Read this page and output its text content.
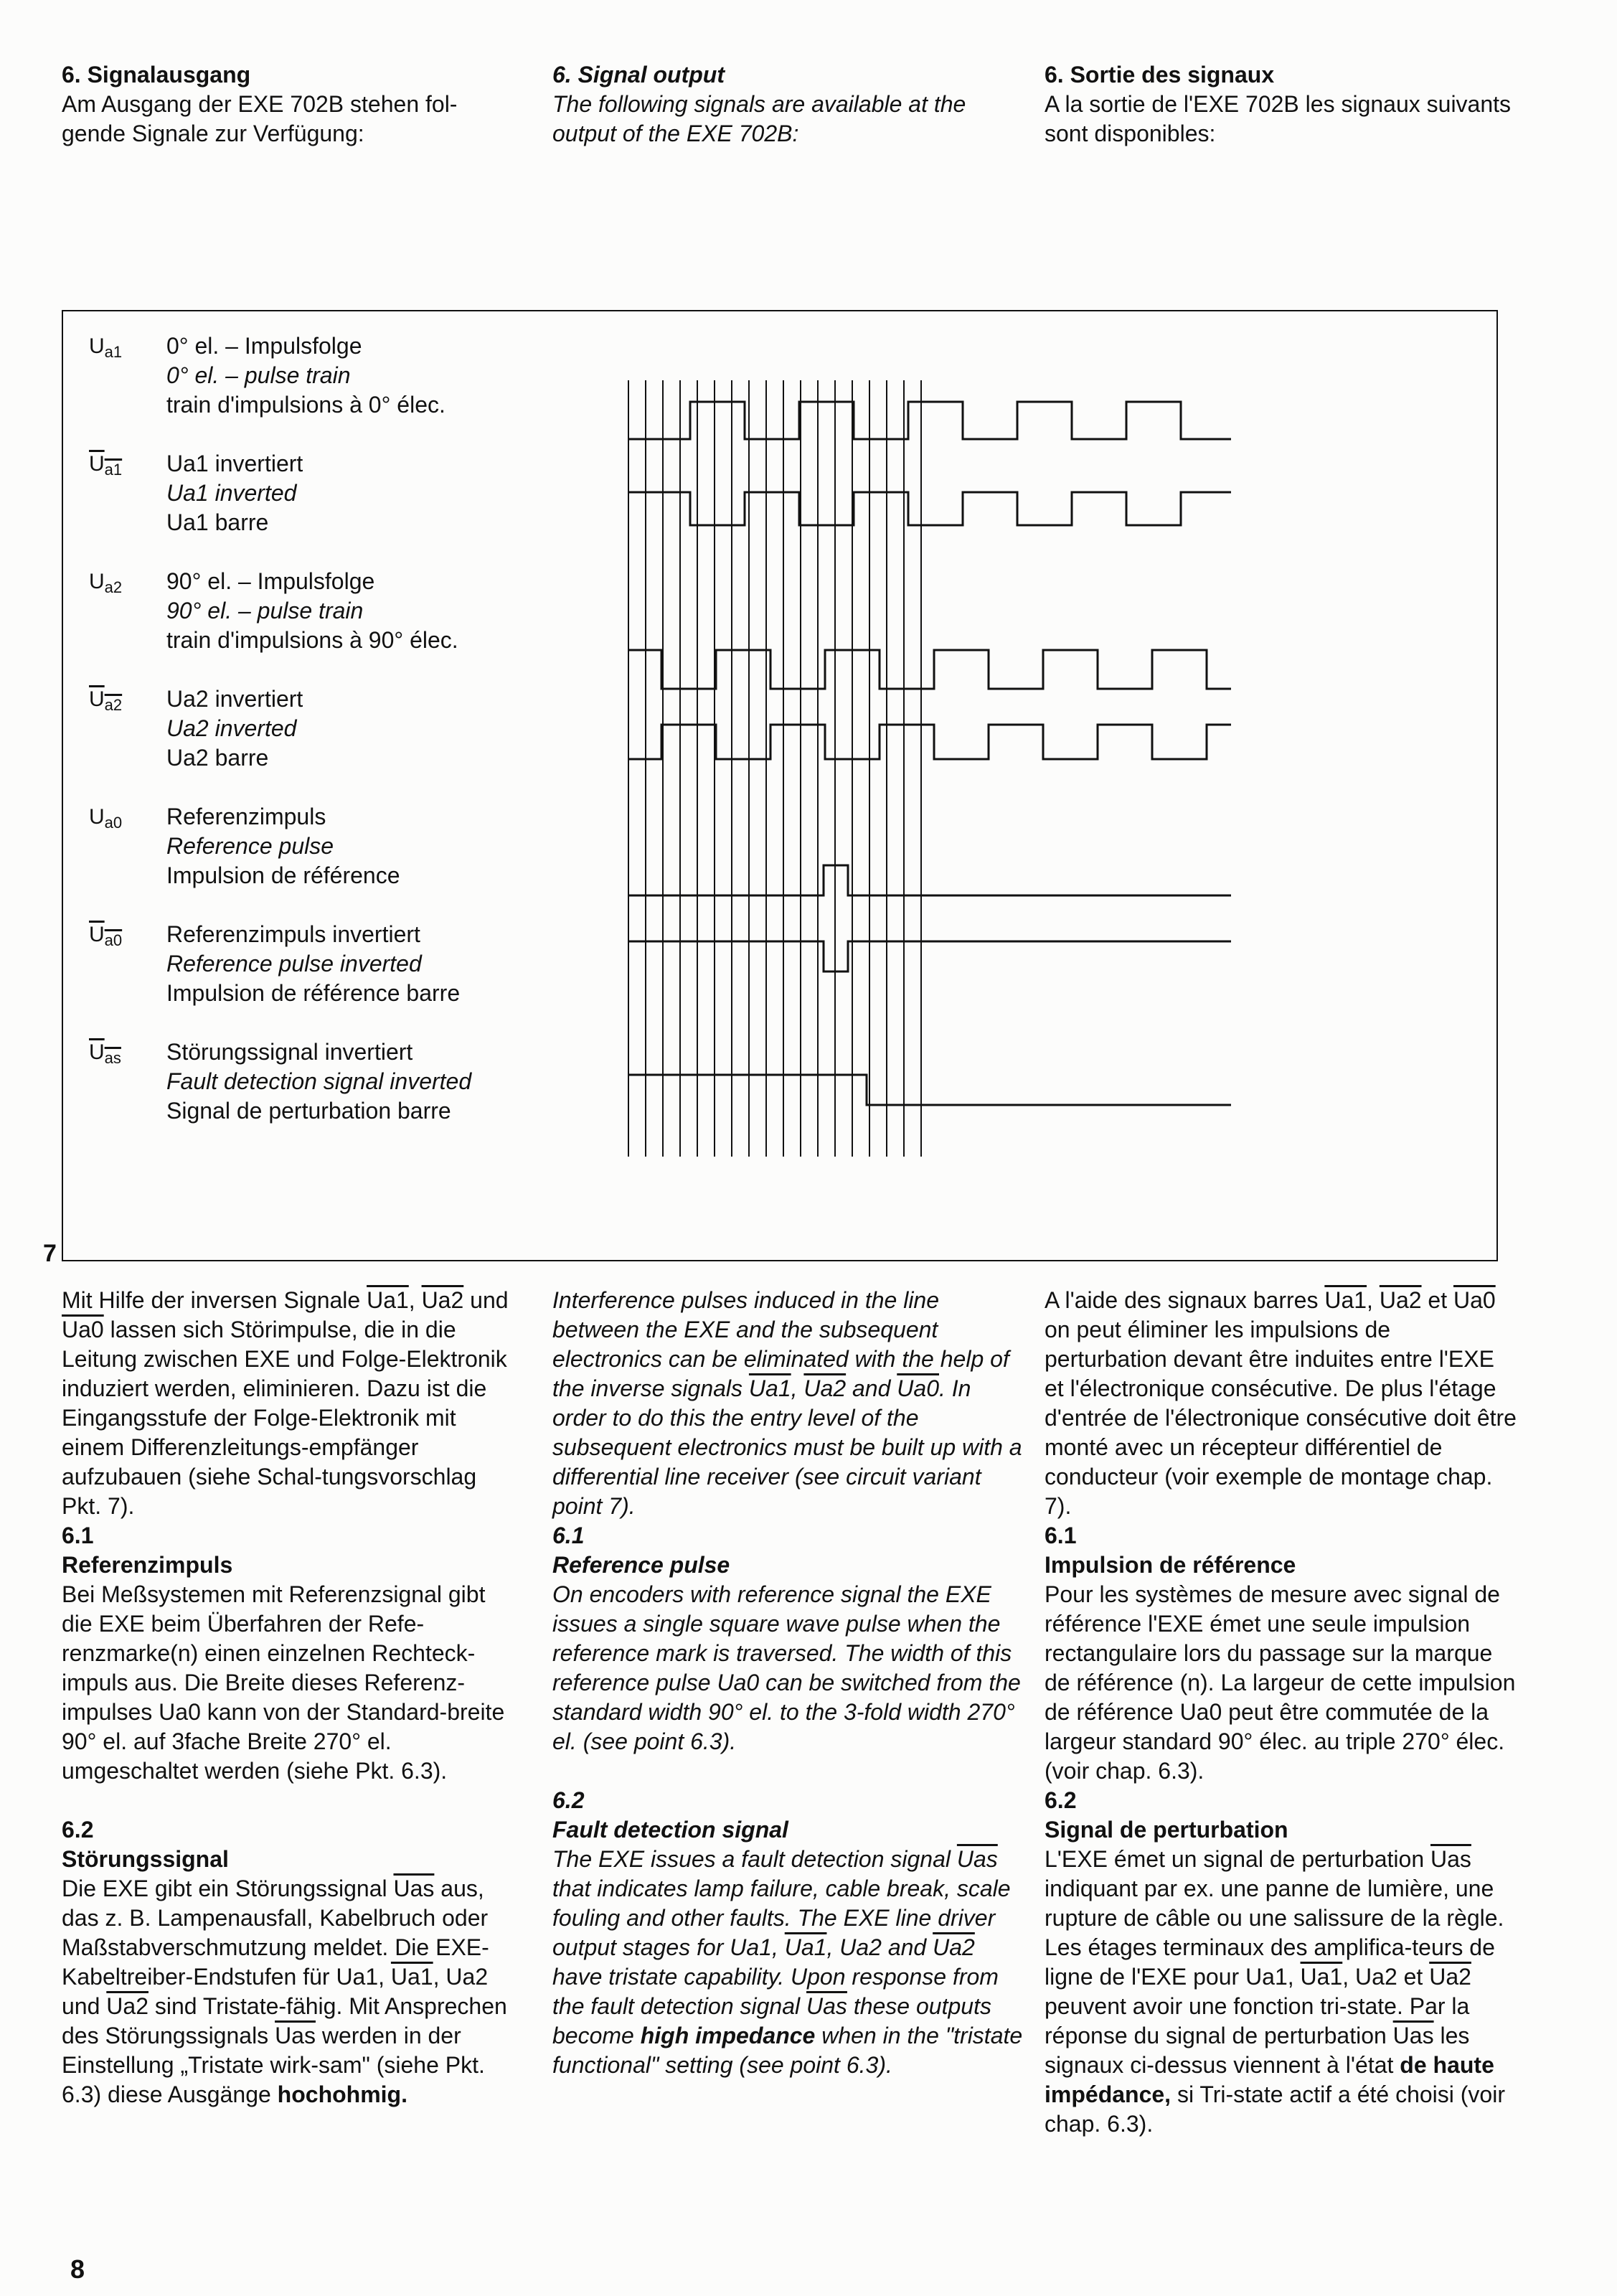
6. Signalausgang
Am Ausgang der EXE 702B stehen fol-gende Signale zur Verfügung:
6. Signal output
The following signals are available at the output of the EXE 702B:
6. Sortie des signaux
A la sortie de l'EXE 702B les signaux suivants sont disponibles:
$U_{a1}$ 0° el. – Impulsfolge
0° el. – pulse train
train d'impulsions à 0° élec.
$U_{a1}$ Ua1 invertiert
Ua1 inverted
Ua1 barre
$U_{a2}$ 90° el. – Impulsfolge
90° el. – pulse train
train d'impulsions à 90° élec.
$U_{a2}$ Ua2 invertiert
Ua2 inverted
Ua2 barre
$U_{a0}$ Referenzimpuls
Reference pulse
Impulsion de référence
$U_{a0}$ Referenzimpuls invertiert
Reference pulse inverted
Impulsion de référence barre
$U_{as}$ Störungssignal invertiert
Fault detection signal inverted
Signal de perturbation barre
7

Mit Hilfe der inversen Signale Ua1, Ua2 und Ua0 lassen sich Störimpulse, die in die Leitung zwischen EXE und Folge-Elektronik induziert werden, eliminieren. Dazu ist die Eingangsstufe der Folge-Elektronik mit einem Differenzleitungs-empfänger aufzubauen (siehe Schal-tungsvorschlag Pkt. 7).

6.1
Referenzimpuls

Bei Meßsystemen mit Referenzsignal gibt die EXE beim Überfahren der Refe-renzmarke(n) einen einzelnen Rechteck-impuls aus. Die Breite dieses Referenz-impulses Ua0 kann von der Standard-breite 90° el. auf 3fache Breite 270° el. umgeschaltet werden (siehe Pkt. 6.3).

6.2
Störungssignal

Die EXE gibt ein Störungssignal $\overline{Uas}$ aus, das z. B. Lampenausfall, Kabelbruch oder Maßstabverschmutzung meldet. Die EXE-Kabeltreiber-Endstufen für Ua1, Ua1, Ua2 und Ua2 sind Tristate-fähig. Mit Ansprechen des Störungssignals $\overline{Uas}$ werden in der Einstellung „Tristate wirk-sam" (siehe Pkt. 6.3) diese Ausgänge hochohmig.

Interference pulses induced in the line between the EXE and the subsequent electronics can be eliminated with the help of the inverse signals Ua1, Ua2 and Ua0. In order to do this the entry level of the subsequent electronics must be built up with a differential line receiver (see circuit variant point 7).

6.1
Reference pulse

On encoders with reference signal the EXE issues a single square wave pulse when the reference mark is traversed. The width of this reference pulse Ua0 can be switched from the standard width 90° el. to the 3-fold width 270° el. (see point 6.3).

6.2
Fault detection signal

The EXE issues a fault detection signal $\overline{Uas}$ that indicates lamp failure, cable break, scale fouling and other faults. The EXE line driver output stages for Ua1, Ua1, Ua2 and Ua2 have tristate capability. Upon response from the fault detection signal $\overline{Uas}$ these outputs become high impedance when in the "tristate functional" setting (see point 6.3).

A l'aide des signaux barres Ua1, Ua2 et Ua0 on peut éliminer les impulsions de perturbation devant être induites entre l'EXE et l'électronique consécutive. De plus l'étage d'entrée de l'électronique consécutive doit être monté avec un récepteur différentiel de conducteur (voir exemple de montage chap. 7).

6.1
Impulsion de référence

Pour les systèmes de mesure avec signal de référence l'EXE émet une seule impulsion rectangulaire lors du passage sur la marque de référence (n). La largeur de cette impulsion de référence Ua0 peut être commutée de la largeur standard 90° élec. au triple 270° élec. (voir chap. 6.3).

6.2
Signal de perturbation

L'EXE émet un signal de perturbation $\overline{Uas}$ indiquant par ex. une panne de lumière, une rupture de câble ou une salissure de la règle. Les étages terminaux des amplifica-teurs de ligne de l'EXE pour Ua1, Ua1, Ua2 et Ua2 peuvent avoir une fonction tri-state. Par la réponse du signal de perturbation $\overline{Uas}$ les signaux ci-dessus viennent à l'état de haute impédance, si Tri-state actif a été choisi (voir chap. 6.3).

8
